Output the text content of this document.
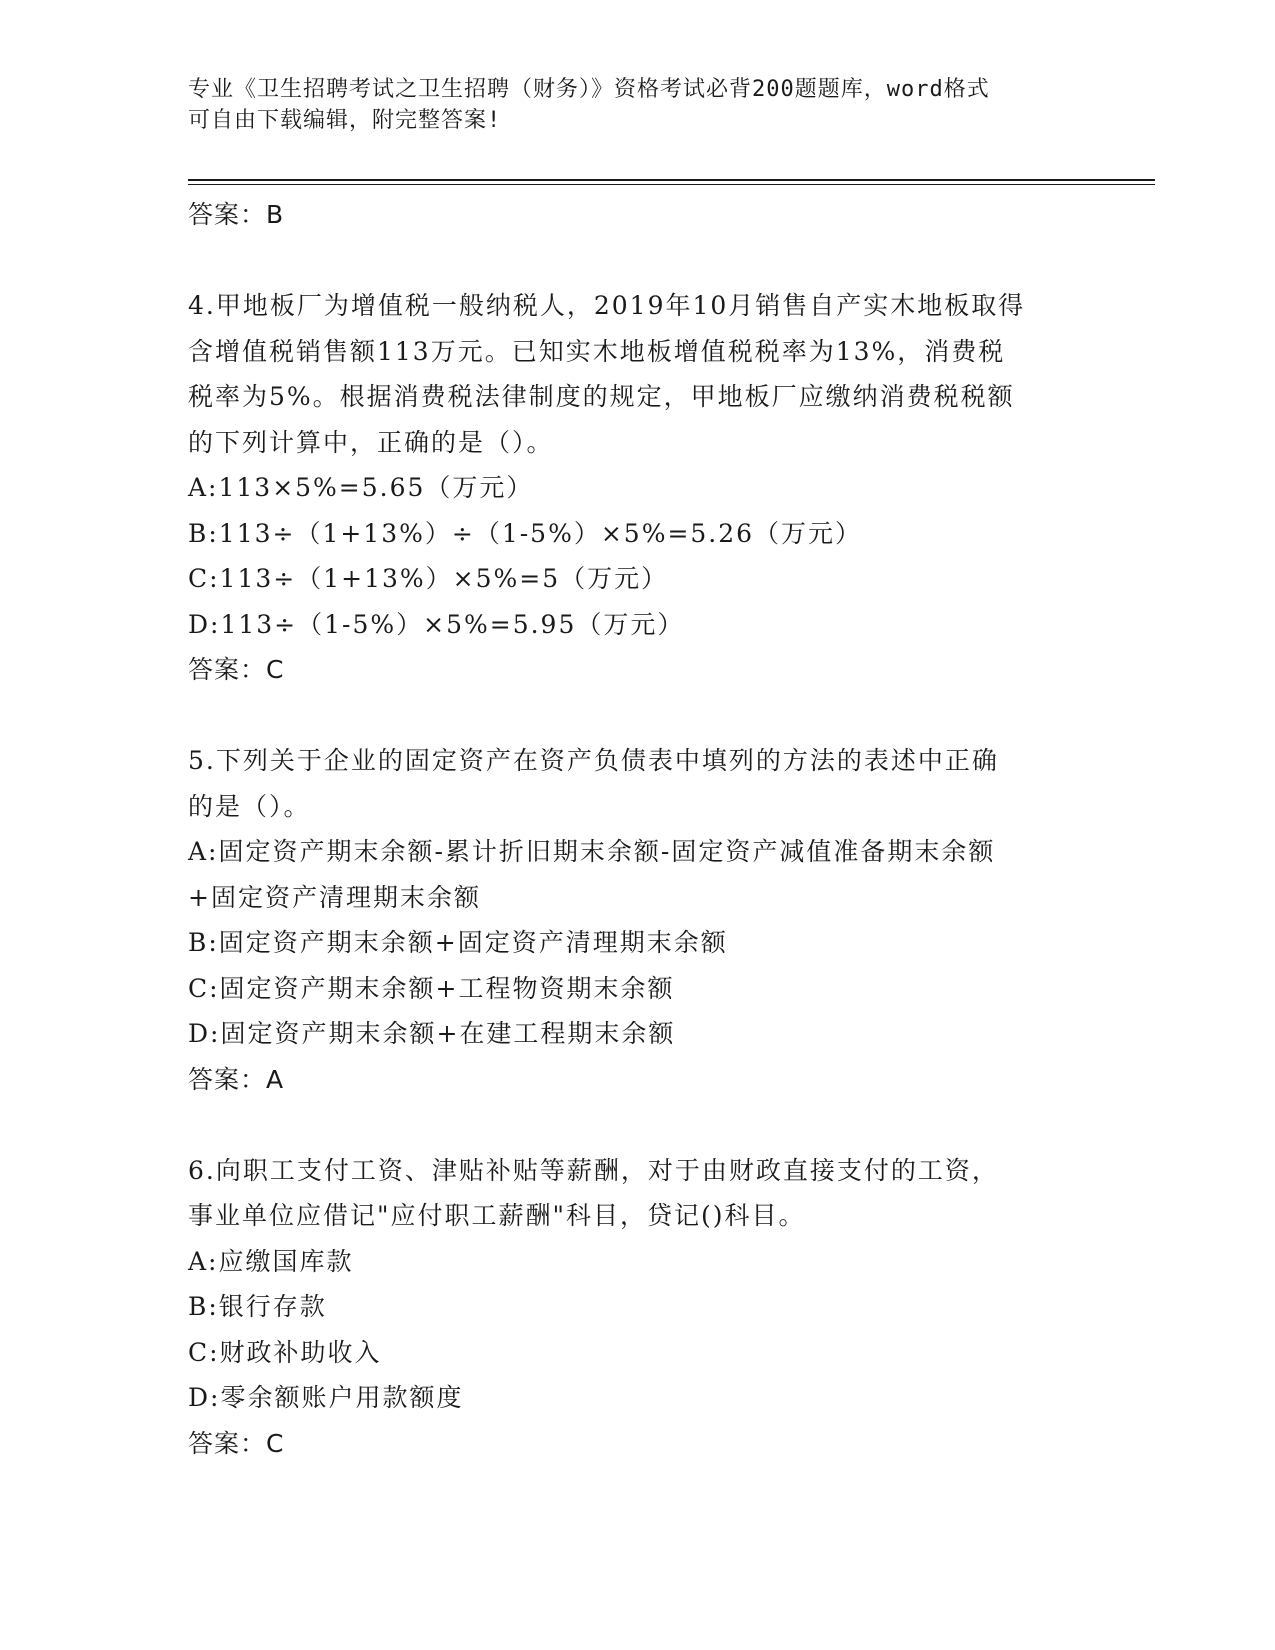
专业《卫生招聘考试之卫生招聘（财务）》资格考试必背200题题库，word格式
可自由下载编辑，附完整答案!
答案：B
4.甲地板厂为增值税一般纳税人，2019年10月销售自产实木地板取得
含增值税销售额113万元。已知实木地板增值税税率为13%，消费税
税率为5%。根据消费税法律制度的规定，甲地板厂应缴纳消费税税额
的下列计算中，正确的是（）。
A:113×5%=5.65（万元）
B:113÷（1+13%）÷（1-5%）×5%=5.26（万元）
C:113÷（1+13%）×5%=5（万元）
D:113÷（1-5%）×5%=5.95（万元）
答案：C
5.下列关于企业的固定资产在资产负债表中填列的方法的表述中正确
的是（）。
A:固定资产期末余额-累计折旧期末余额-固定资产减值准备期末余额
+固定资产清理期末余额
B:固定资产期末余额+固定资产清理期末余额
C:固定资产期末余额+工程物资期末余额
D:固定资产期末余额+在建工程期末余额
答案：A
6.向职工支付工资、津贴补贴等薪酬，对于由财政直接支付的工资，
事业单位应借记"应付职工薪酬"科目，贷记()科目。
A:应缴国库款
B:银行存款
C:财政补助收入
D:零余额账户用款额度
答案：C
